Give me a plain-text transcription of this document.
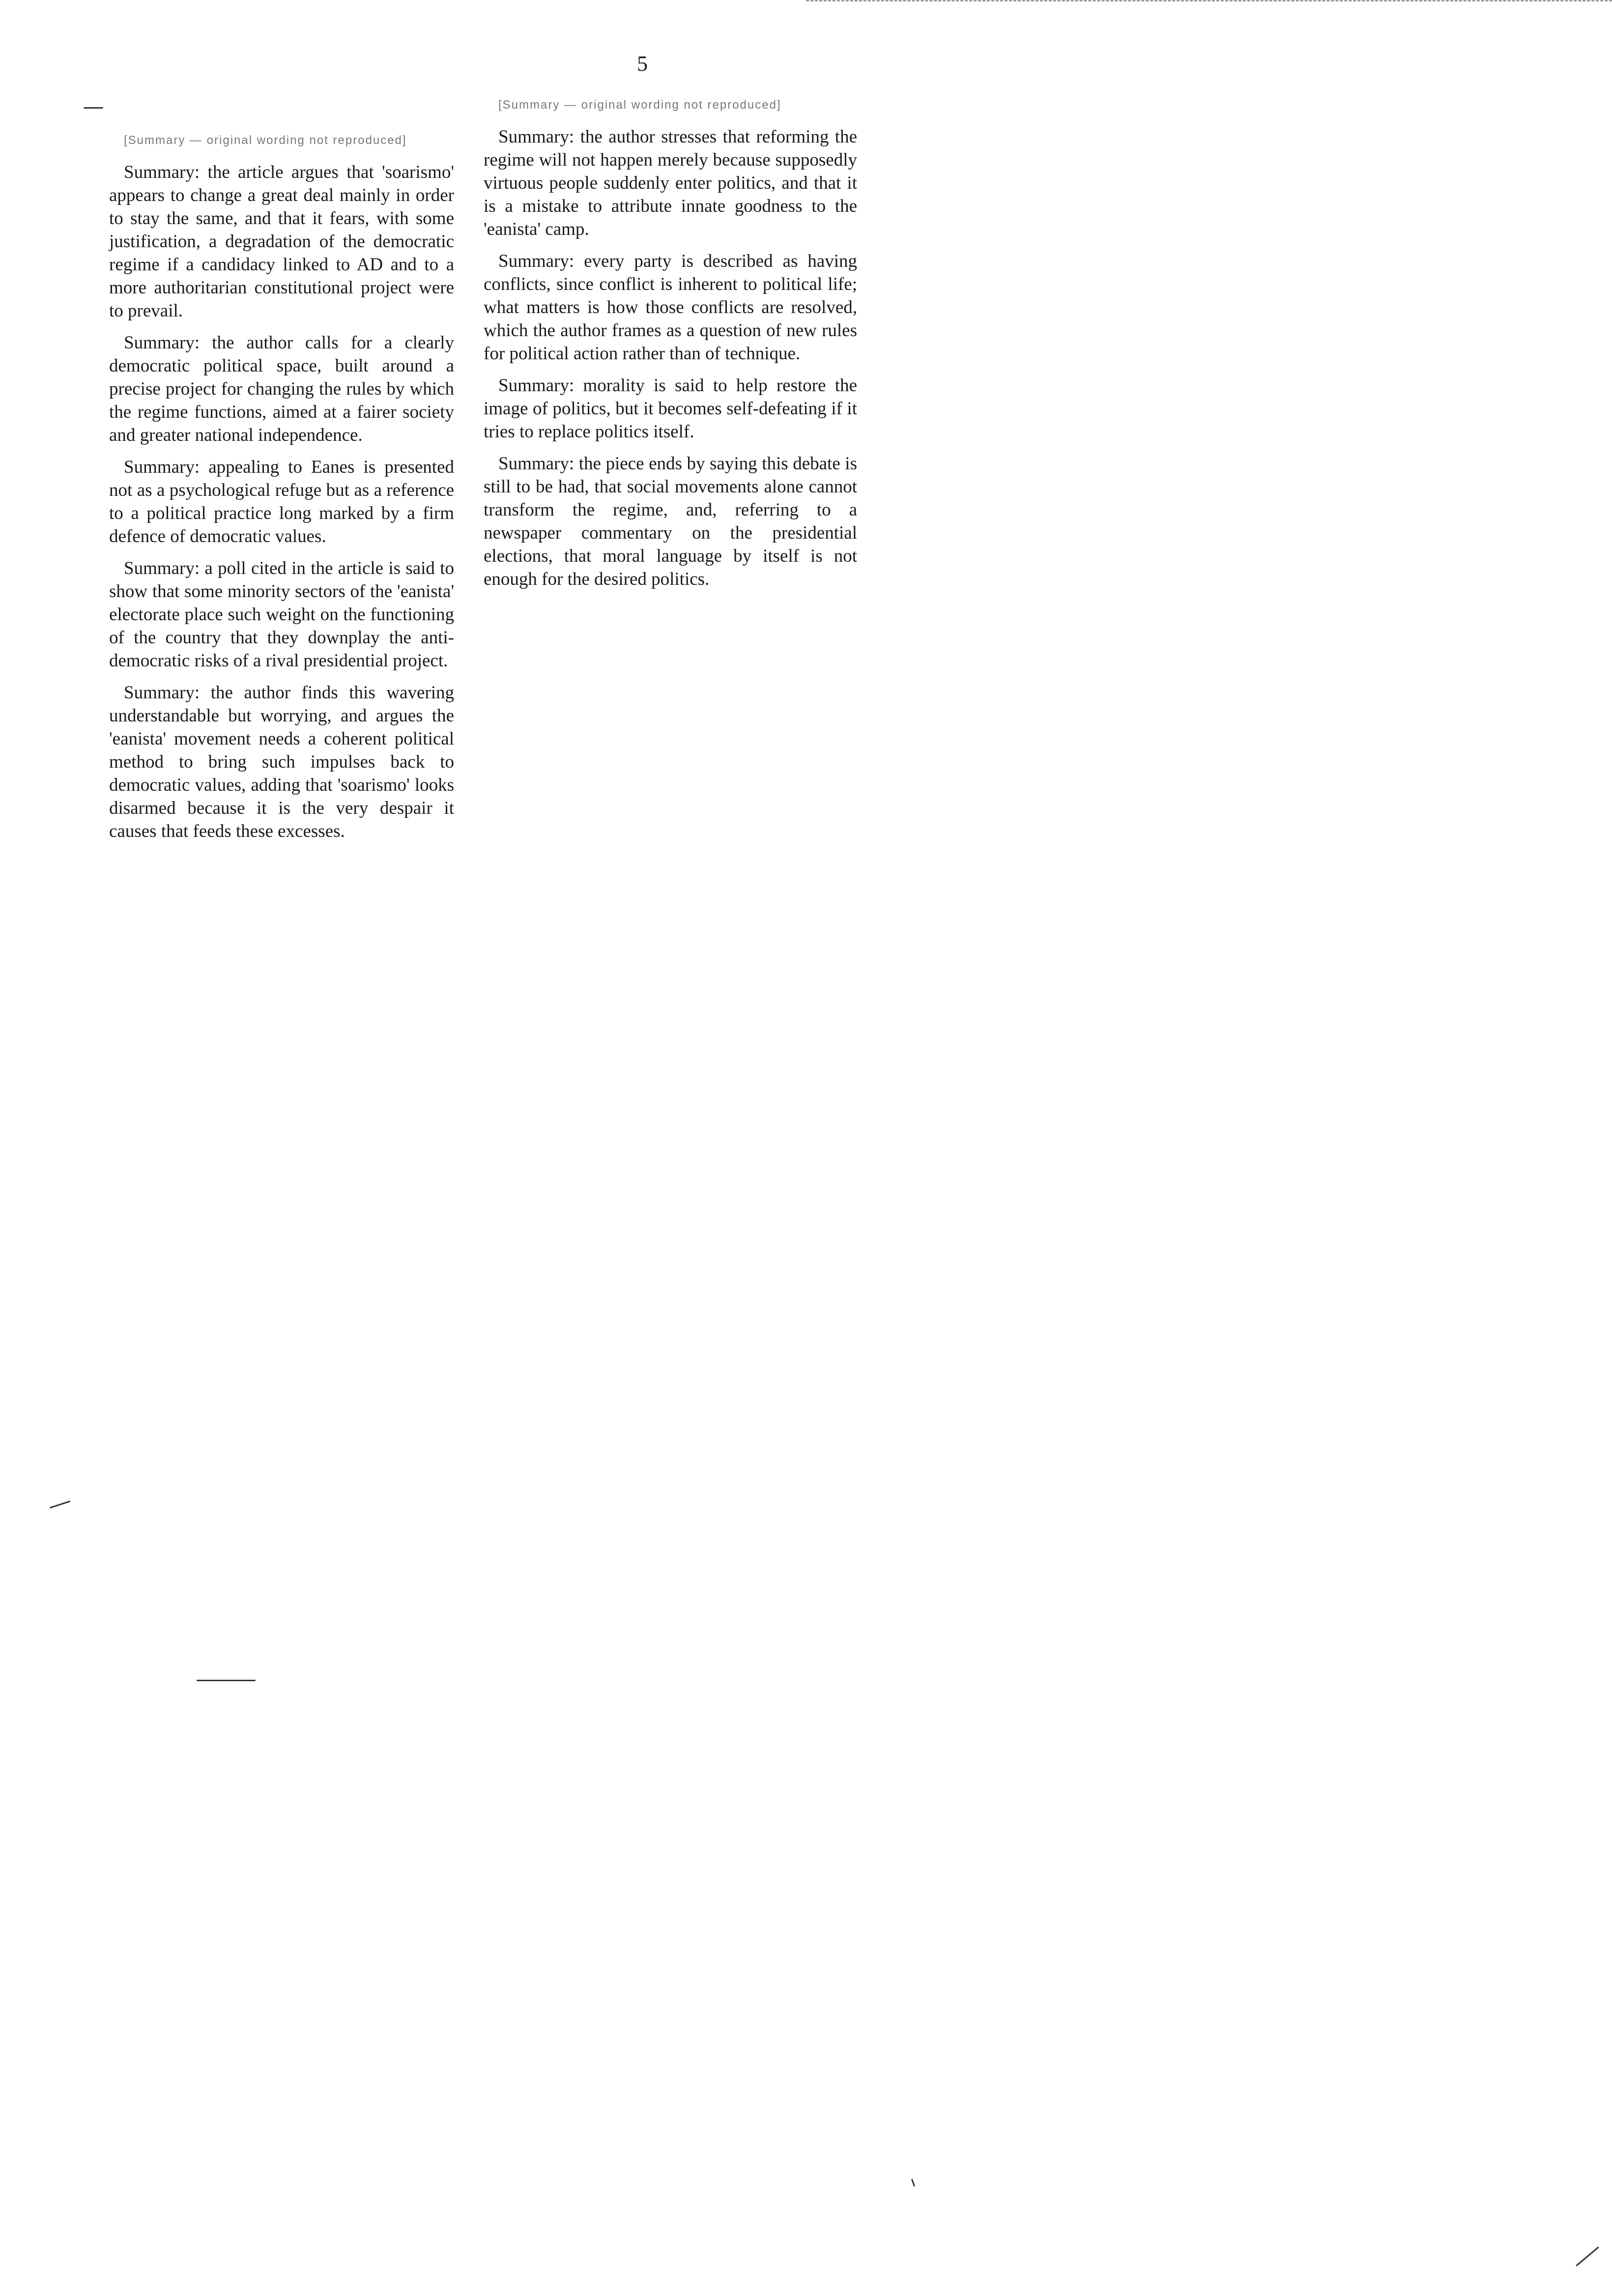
5

[Summary — original wording not reproduced]

Summary: the article argues that 'soarismo' appears to change a great deal mainly in order to stay the same, and that it fears, with some justification, a degradation of the democratic regime if a candidacy linked to AD and to a more authoritarian constitutional project were to prevail.

Summary: the author calls for a clearly democratic political space, built around a precise project for changing the rules by which the regime functions, aimed at a fairer society and greater national independence.

Summary: appealing to Eanes is presented not as a psychological refuge but as a reference to a political practice long marked by a firm defence of democratic values.

Summary: a poll cited in the article is said to show that some minority sectors of the 'eanista' electorate place such weight on the functioning of the country that they downplay the anti-democratic risks of a rival presidential project.

Summary: the author finds this wavering understandable but worrying, and argues the 'eanista' movement needs a coherent political method to bring such impulses back to democratic values, adding that 'soarismo' looks disarmed because it is the very despair it causes that feeds these excesses.

[Summary — original wording not reproduced]

Summary: the author stresses that reforming the regime will not happen merely because supposedly virtuous people suddenly enter politics, and that it is a mistake to attribute innate goodness to the 'eanista' camp.

Summary: every party is described as having conflicts, since conflict is inherent to political life; what matters is how those conflicts are resolved, which the author frames as a question of new rules for political action rather than of technique.

Summary: morality is said to help restore the image of politics, but it becomes self-defeating if it tries to replace politics itself.

Summary: the piece ends by saying this debate is still to be had, that social movements alone cannot transform the regime, and, referring to a newspaper commentary on the presidential elections, that moral language by itself is not enough for the desired politics.
